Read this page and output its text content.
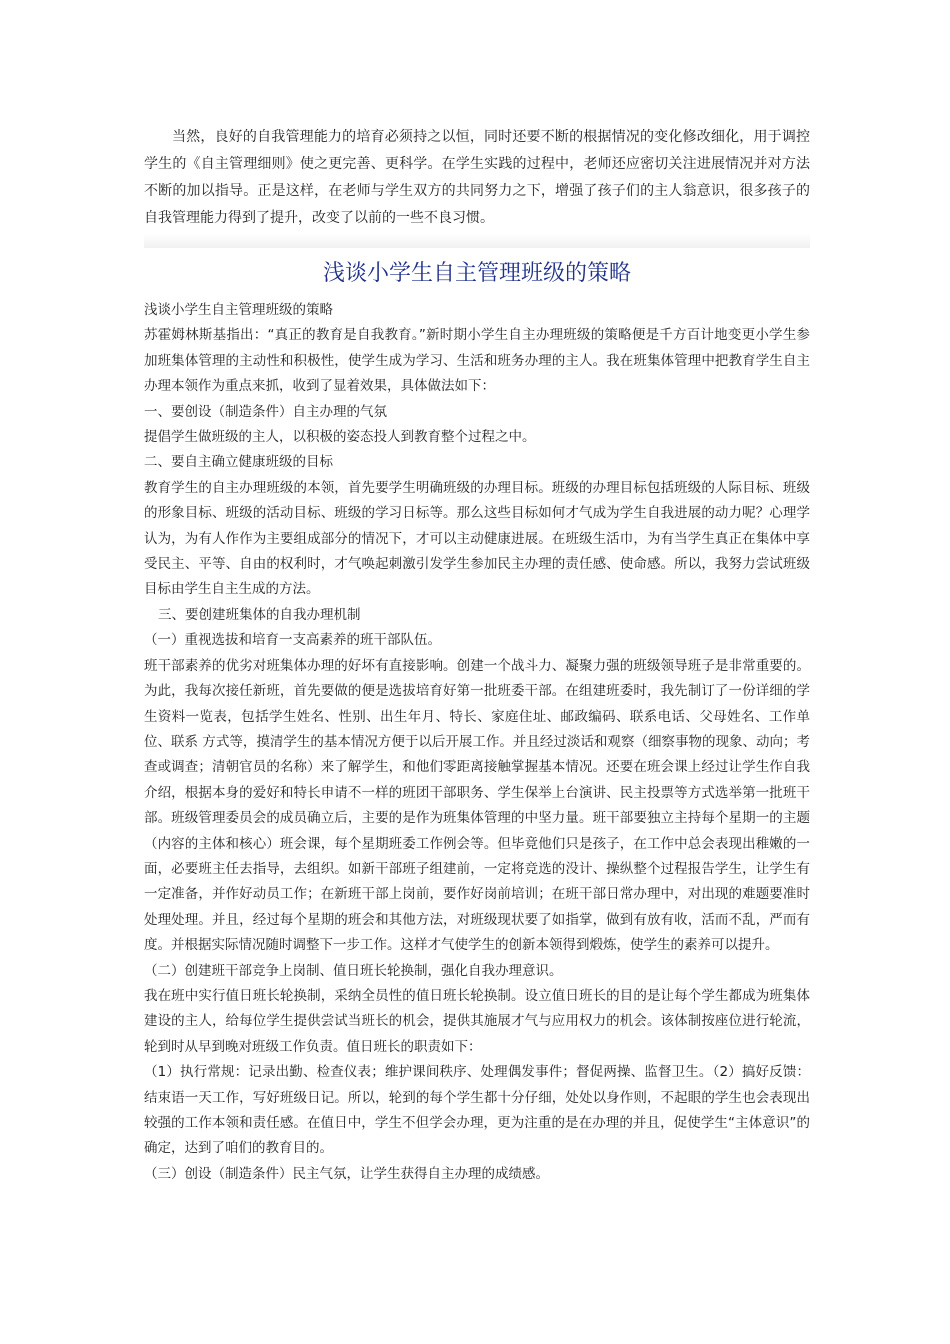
当然，良好的自我管理能力的培育必须持之以恒，同时还要不断的根据情况的变化修改细化，用于调控学生的《自主管理细则》使之更完善、更科学。在学生实践的过程中，老师还应密切关注进展情况并对方法不断的加以指导。正是这样，在老师与学生双方的共同努力之下，增强了孩子们的主人翁意识，很多孩子的自我管理能力得到了提升，改变了以前的一些不良习惯。

浅谈小学生自主管理班级的策略

浅谈小学生自主管理班级的策略

苏霍姆林斯基指出：“真正的教育是自我教育。”新时期小学生自主办理班级的策略便是千方百计地变更小学生参加班集体管理的主动性和积极性，使学生成为学习、生活和班务办理的主人。我在班集体管理中把教育学生自主办理本领作为重点来抓，收到了显着效果，具体做法如下：

一、要创设（制造条件）自主办理的气氛

提倡学生做班级的主人，以积极的姿态投人到教育整个过程之中。

二、要自主确立健康班级的目标

教育学生的自主办理班级的本领，首先要学生明确班级的办理目标。班级的办理目标包括班级的人际目标、班级的形象目标、班级的活动目标、班级的学习日标等。那么这些目标如何才气成为学生自我进展的动力呢？心理学认为，为有人作作为主要组成部分的情况下，才可以主动健康进展。在班级生活巾，为有当学生真正在集体中享受民主、平等、自由的权利时，才气唤起刺激引发学生参加民主办理的责任感、使命感。所以，我努力尝试班级目标由学生自主生成的方法。

三、要创建班集体的自我办理机制

（一）重视选拔和培育一支高素养的班干部队伍。

班干部素养的优劣对班集体办理的好坏有直接影响。创建一个战斗力、凝聚力强的班级领导班子是非常重要的。为此，我每次接任新班，首先要做的便是选拔培育好第一批班委干部。在组建班委时，我先制订了一份详细的学生资料一览表，包括学生姓名、性别、出生年月、特长、家庭住址、邮政编码、联系电话、父母姓名、工作单位、联系 方式等，摸清学生的基本情况方便于以后开展工作。并且经过淡话和观察（细察事物的现象、动向；考查或调查；清朝官员的名称）来了解学生，和他们零距离接触掌握基本情况。还要在班会课上经过让学生作自我介绍，根据本身的爱好和特长申请不一样的班团干部职务、学生保举上台演讲、民主投票等方式选举第一批班干部。班级管理委员会的成员确立后，主要的是作为班集体管理的中坚力量。班干部要独立主持每个星期一的主题（内容的主体和核心）班会课，每个星期班委工作例会等。但毕竟他们只是孩子，在工作中总会表现出稚嫩的一面，必要班主任去指导，去组织。如新干部班子组建前，一定将竞选的没计、操纵整个过程报告学生，让学生有一定准备，并作好动员工作；在新班干部上岗前，要作好岗前培训；在班干部日常办理中，对出现的难题要准时处理处理。并且，经过每个星期的班会和其他方法，对班级现状要了如指掌，做到有放有收，活而不乱，严而有度。并根据实际情况随时调整下一步工作。这样才气使学生的创新本领得到煅炼，使学生的素养可以提升。

（二）创建班干部竞争上岗制、值日班长轮换制，强化自我办理意识。

我在班中实行值日班长轮换制，采纳全员性的值日班长轮换制。设立值日班长的目的是让每个学生都成为班集体建设的主人，给每位学生提供尝试当班长的机会，提供其施展才气与应用权力的机会。该体制按座位进行轮流，轮到时从早到晚对班级工作负责。值日班长的职责如下：

（1）执行常规：记录出勤、检查仪表；维护课间秩序、处理偶发事件；督促两操、监督卫生。（2）搞好反馈：结束语一天工作，写好班级日记。所以，轮到的每个学生都十分仔细，处处以身作则，不起眼的学生也会表现出较强的工作本领和责任感。在值日中，学生不但学会办理，更为注重的是在办理的并且，促使学生“主体意识”的确定，达到了咱们的教育目的。

（三）创设（制造条件）民主气氛，让学生获得自主办理的成绩感。
